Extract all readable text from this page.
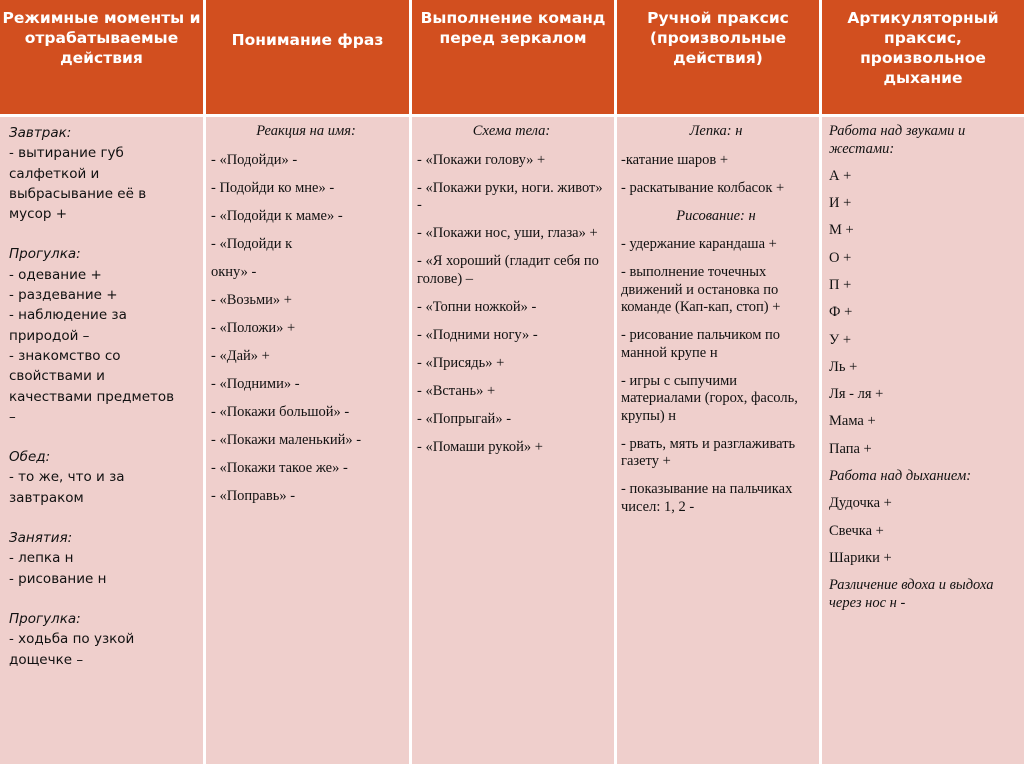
Режимные моменты и отрабатываемые действия
Понимание фраз
Выполнение команд перед зеркалом
Ручной праксис (произвольные действия)
Артикуляторный праксис, произвольное дыхание
Завтрак:
- вытирание губ
салфеткой и
выбрасывание её в
мусор +
Прогулка:
- одевание +
- раздевание +
- наблюдение за
природой –
- знакомство со
свойствами и
качествами предметов
–
Обед:
- то же, что и за
завтраком
Занятия:
- лепка н
- рисование н
Прогулка:
- ходьба по узкой
дощечке –

Реакция на имя:

- «Подойди» -

- Подойди ко мне» -

- «Подойди к маме» -

- «Подойди к

окну» -

- «Возьми» +

- «Положи» +

- «Дай» +

- «Подними» -

- «Покажи большой» -

- «Покажи маленький» -

- «Покажи такое же» -

- «Поправь» -

Схема тела:

- «Покажи голову» +

- «Покажи руки, ноги. живот» -

- «Покажи нос, уши, глаза» +

- «Я хороший (гладит себя по голове) –

- «Топни ножкой» -

- «Подними ногу» -

- «Присядь» +

- «Встань» +

- «Попрыгай» -

- «Помаши рукой» +

Лепка: н

-катание шаров +

- раскатывание колбасок +

Рисование: н

- удержание карандаша +

- выполнение точечных движений и остановка по команде (Кап-кап, стоп) +

- рисование пальчиком по манной крупе н

- игры с сыпучими материалами (горох, фасоль, крупы) н

- рвать, мять и разглаживать газету +

- показывание на пальчиках чисел: 1, 2 -

Работа над звуками и жестами:

А +

И +

М +

О +

П +

Ф +

У +

Ль +

Ля - ля +

Мама +

Папа +

Работа над дыханием:

Дудочка +

Свечка +

Шарики +

Различение вдоха и выдоха через нос н -
